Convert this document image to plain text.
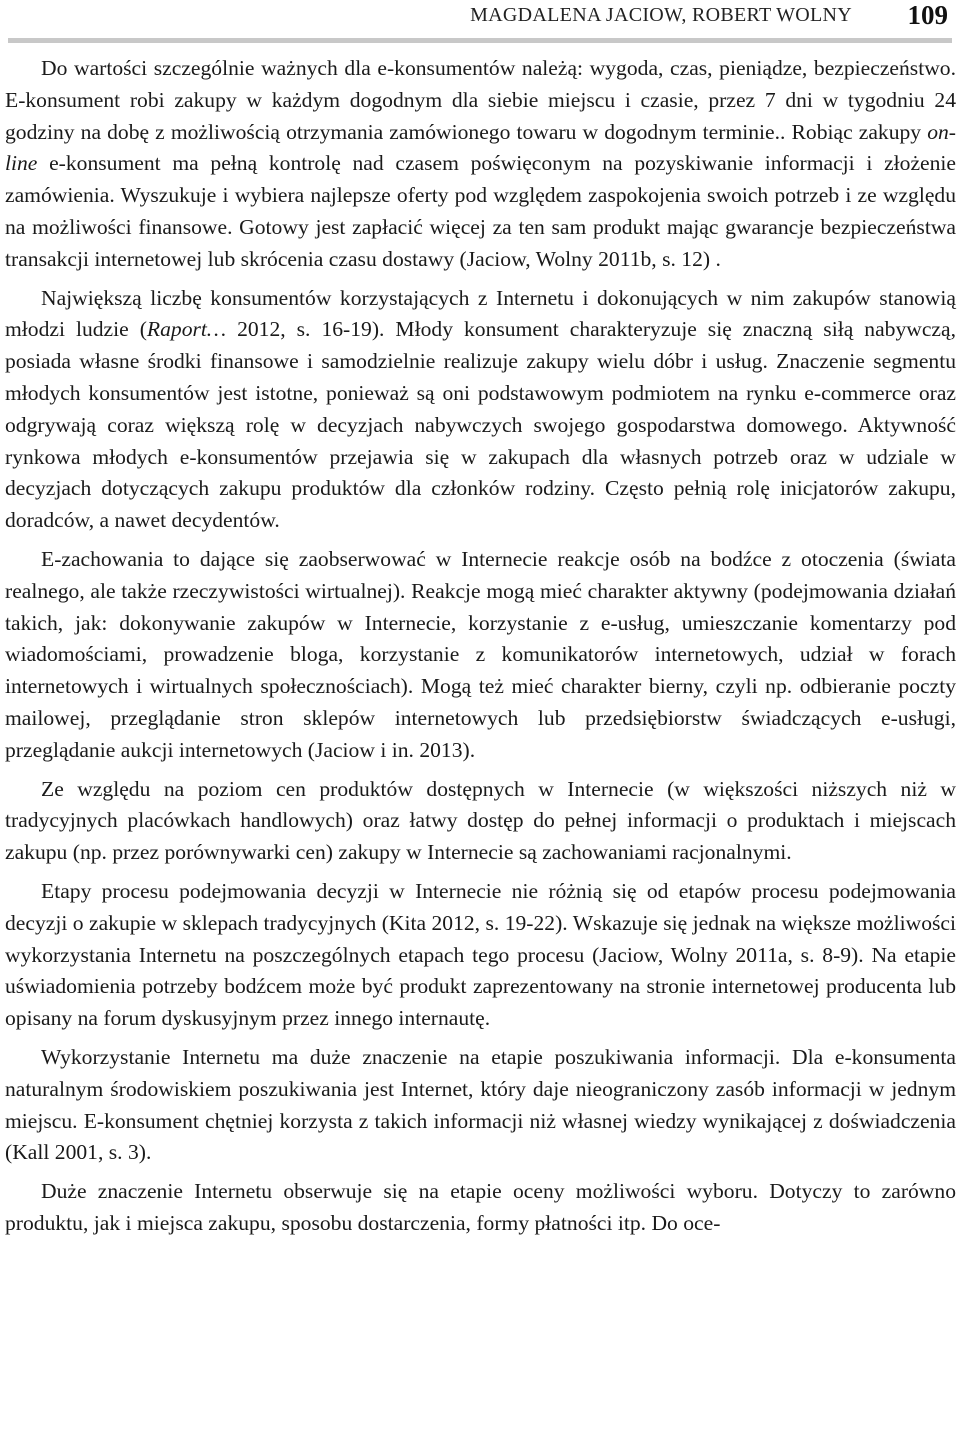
MAGDALENA JACIOW, ROBERT WOLNY 109

Do wartości szczególnie ważnych dla e-konsumentów należą: wygoda, czas, pieniądze, bezpieczeństwo. E-konsument robi zakupy w każdym dogodnym dla siebie miejscu i czasie, przez 7 dni w tygodniu 24 godziny na dobę z możliwością otrzymania zamówionego towaru w dogodnym terminie.. Robiąc zakupy on-line e-konsument ma pełną kontrolę nad czasem poświęconym na pozyskiwanie informacji i złożenie zamówienia. Wyszukuje i wybiera najlepsze oferty pod względem zaspokojenia swoich potrzeb i ze względu na możliwości finansowe. Gotowy jest zapłacić więcej za ten sam produkt mając gwarancje bezpieczeństwa transakcji internetowej lub skrócenia czasu dostawy (Jaciow, Wolny 2011b, s. 12) .

Największą liczbę konsumentów korzystających z Internetu i dokonujących w nim zakupów stanowią młodzi ludzie (Raport… 2012, s. 16-19). Młody konsument charakteryzuje się znaczną siłą nabywczą, posiada własne środki finansowe i samodzielnie realizuje zakupy wielu dóbr i usług. Znaczenie segmentu młodych konsumentów jest istotne, ponieważ są oni podstawowym podmiotem na rynku e-commerce oraz odgrywają coraz większą rolę w decyzjach nabywczych swojego gospodarstwa domowego. Aktywność rynkowa młodych e-konsumentów przejawia się w zakupach dla własnych potrzeb oraz w udziale w decyzjach dotyczących zakupu produktów dla członków rodziny. Często pełnią rolę inicjatorów zakupu, doradców, a nawet decydentów.

E-zachowania to dające się zaobserwować w Internecie reakcje osób na bodźce z otoczenia (świata realnego, ale także rzeczywistości wirtualnej). Reakcje mogą mieć charakter aktywny (podejmowania działań takich, jak: dokonywanie zakupów w Internecie, korzystanie z e-usług, umieszczanie komentarzy pod wiadomościami, prowadzenie bloga, korzystanie z komunikatorów internetowych, udział w forach internetowych i wirtualnych społecznościach). Mogą też mieć charakter bierny, czyli np. odbieranie poczty mailowej, przeglądanie stron sklepów internetowych lub przedsiębiorstw świadczących e-usługi, przeglądanie aukcji internetowych (Jaciow i in. 2013).

Ze względu na poziom cen produktów dostępnych w Internecie (w większości niższych niż w tradycyjnych placówkach handlowych) oraz łatwy dostęp do pełnej informacji o produktach i miejscach zakupu (np. przez porównywarki cen) zakupy w Internecie są zachowaniami racjonalnymi.

Etapy procesu podejmowania decyzji w Internecie nie różnią się od etapów procesu podejmowania decyzji o zakupie w sklepach tradycyjnych (Kita 2012, s. 19-22). Wskazuje się jednak na większe możliwości wykorzystania Internetu na poszczególnych etapach tego procesu (Jaciow, Wolny 2011a, s. 8-9). Na etapie uświadomienia potrzeby bodźcem może być produkt zaprezentowany na stronie internetowej producenta lub opisany na forum dyskusyjnym przez innego internautę.

Wykorzystanie Internetu ma duże znaczenie na etapie poszukiwania informacji. Dla e-konsumenta naturalnym środowiskiem poszukiwania jest Internet, który daje nieograniczony zasób informacji w jednym miejscu. E-konsument chętniej korzysta z takich informacji niż własnej wiedzy wynikającej z doświadczenia (Kall 2001, s. 3).

Duże znaczenie Internetu obserwuje się na etapie oceny możliwości wyboru. Dotyczy to zarówno produktu, jak i miejsca zakupu, sposobu dostarczenia, formy płatności itp. Do oce-
